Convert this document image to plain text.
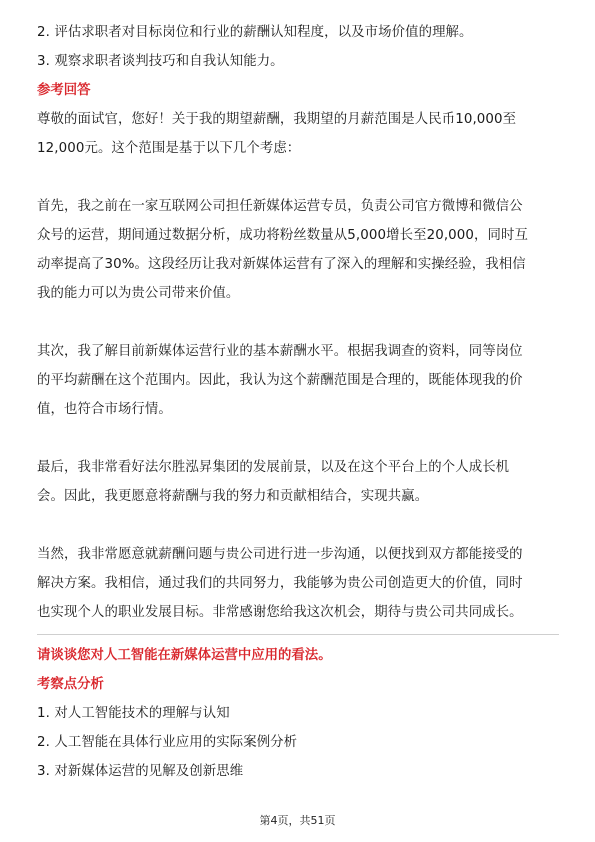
2. 评估求职者对目标岗位和行业的薪酬认知程度，以及市场价值的理解。
3. 观察求职者谈判技巧和自我认知能力。
参考回答
尊敬的面试官，您好！关于我的期望薪酬，我期望的月薪范围是人民币10,000至
12,000元。这个范围是基于以下几个考虑：
首先，我之前在一家互联网公司担任新媒体运营专员，负责公司官方微博和微信公
众号的运营，期间通过数据分析，成功将粉丝数量从5,000增长至20,000，同时互
动率提高了30%。这段经历让我对新媒体运营有了深入的理解和实操经验，我相信
我的能力可以为贵公司带来价值。
其次，我了解目前新媒体运营行业的基本薪酬水平。根据我调查的资料，同等岗位
的平均薪酬在这个范围内。因此，我认为这个薪酬范围是合理的，既能体现我的价
值，也符合市场行情。
最后，我非常看好法尔胜泓昇集团的发展前景，以及在这个平台上的个人成长机
会。因此，我更愿意将薪酬与我的努力和贡献相结合，实现共赢。
当然，我非常愿意就薪酬问题与贵公司进行进一步沟通，以便找到双方都能接受的
解决方案。我相信，通过我们的共同努力，我能够为贵公司创造更大的价值，同时
也实现个人的职业发展目标。非常感谢您给我这次机会，期待与贵公司共同成长。
请谈谈您对人工智能在新媒体运营中应用的看法。
考察点分析
1. 对人工智能技术的理解与认知
2. 人工智能在具体行业应用的实际案例分析
3. 对新媒体运营的见解及创新思维
第4页，共51页
